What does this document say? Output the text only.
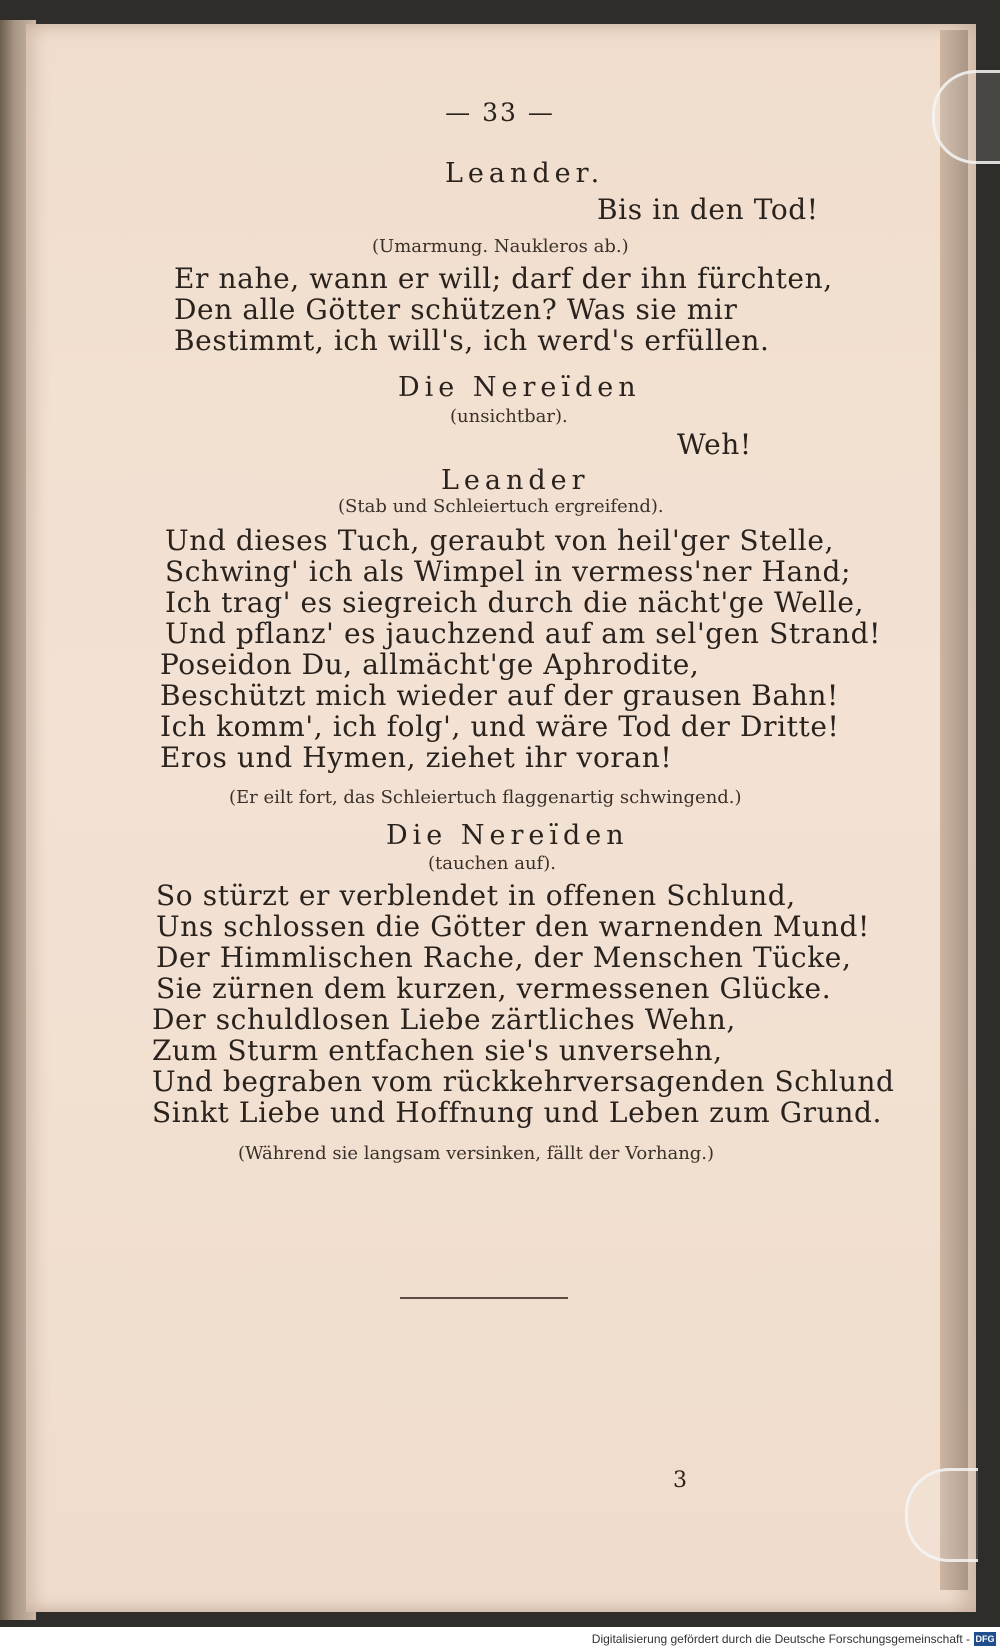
— 33 —
Leander.
Bis in den Tod!
(Umarmung. Naukleros ab.)
Er nahe, wann er will; darf der ihn fürchten,
Den alle Götter schützen? Was sie mir
Bestimmt, ich will's, ich werd's erfüllen.
Die Nereïden
(unsichtbar).
Weh!
Leander
(Stab und Schleiertuch ergreifend).
Und dieses Tuch, geraubt von heil'ger Stelle,
Schwing' ich als Wimpel in vermess'ner Hand;
Ich trag' es siegreich durch die nächt'ge Welle,
Und pflanz' es jauchzend auf am sel'gen Strand!
Poseidon Du, allmächt'ge Aphrodite,
Beschützt mich wieder auf der grausen Bahn!
Ich komm', ich folg', und wäre Tod der Dritte!
Eros und Hymen, ziehet ihr voran!
(Er eilt fort, das Schleiertuch flaggenartig schwingend.)
Die Nereïden
(tauchen auf).
So stürzt er verblendet in offenen Schlund,
Uns schlossen die Götter den warnenden Mund!
Der Himmlischen Rache, der Menschen Tücke,
Sie zürnen dem kurzen, vermessenen Glücke.
Der schuldlosen Liebe zärtliches Wehn,
Zum Sturm entfachen sie's unversehn,
Und begraben vom rückkehrversagenden Schlund
Sinkt Liebe und Hoffnung und Leben zum Grund.
(Während sie langsam versinken, fällt der Vorhang.)
3
Digitalisierung gefördert durch die Deutsche Forschungsgemeinschaft - DFG
